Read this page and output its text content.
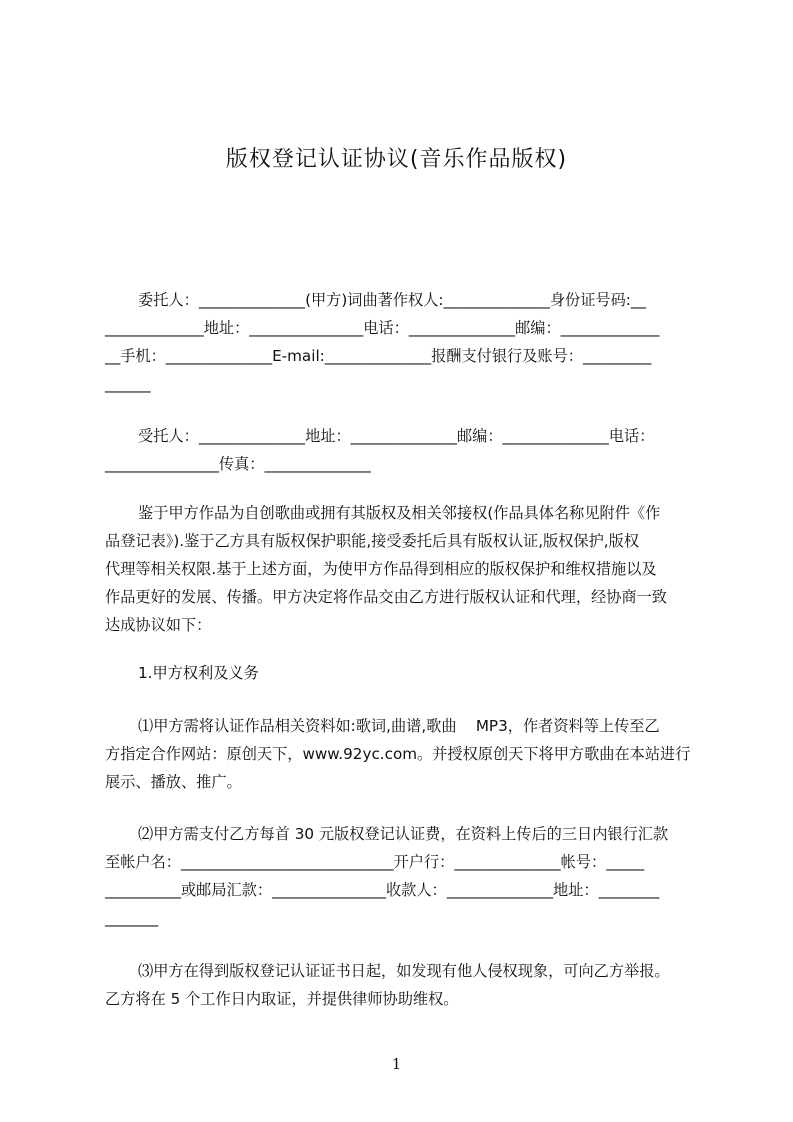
版权登记认证协议(音乐作品版权)
委托人：______________(甲方)词曲著作权人:______________身份证号码:__
_____________地址：_______________电话：______________邮编：_____________
__手机：______________E-mail:______________报酬支付银行及账号：_________
______
受托人：______________地址：______________邮编：______________电话：
_______________传真：______________
鉴于甲方作品为自创歌曲或拥有其版权及相关邻接权(作品具体名称见附件《作
品登记表》).鉴于乙方具有版权保护职能,接受委托后具有版权认证,版权保护,版权
代理等相关权限.基于上述方面，为使甲方作品得到相应的版权保护和维权措施以及
作品更好的发展、传播。甲方决定将作品交由乙方进行版权认证和代理，经协商一致
达成协议如下：
1.甲方权利及义务
⑴甲方需将认证作品相关资料如:歌词,曲谱,歌曲    MP3，作者资料等上传至乙
方指定合作网站：原创天下，www.92yc.com。并授权原创天下将甲方歌曲在本站进行
展示、播放、推广。
⑵甲方需支付乙方每首 30 元版权登记认证费，在资料上传后的三日内银行汇款
至帐户名：____________________________开户行：______________帐号：_____
__________或邮局汇款：_______________收款人：______________地址：________
_______
⑶甲方在得到版权登记认证证书日起，如发现有他人侵权现象，可向乙方举报。
乙方将在 5 个工作日内取证，并提供律师协助维权。
1
